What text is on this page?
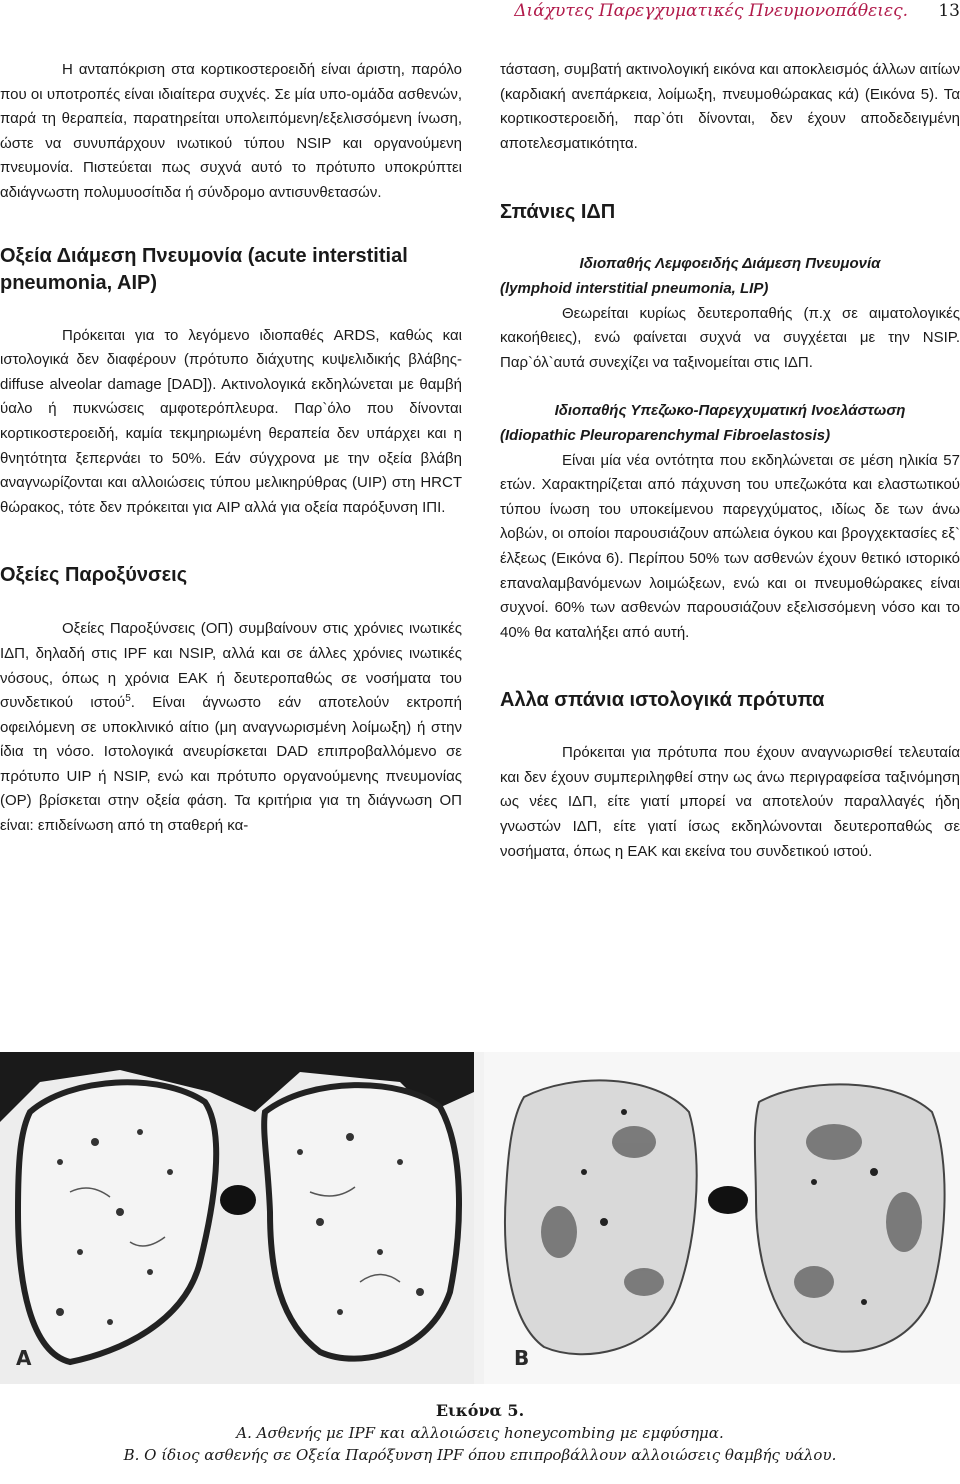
Διάχυτες Παρεγχυματικές Πνευμονοπάθειες.	13

Η ανταπόκριση στα κορτικοστεροειδή είναι άριστη, παρόλο που οι υποτροπές είναι ιδιαίτερα συχνές. Σε μία υπο-ομάδα ασθενών, παρά τη θεραπεία, παρατηρείται υπολειπόμενη/εξελισσόμενη ίνωση, ώστε να συνυπάρχουν ινωτικού τύπου NSIP και οργανούμενη πνευμονία. Πιστεύεται πως συχνά αυτό το πρότυπο υποκρύπτει αδιάγνωστη πολυμυοσίτιδα ή σύνδρομο αντισυνθετασών.

Οξεία Διάμεση Πνευμονία (acute interstitial pneumonia, AIP)

Πρόκειται για το λεγόμενο ιδιοπαθές ARDS, καθώς και ιστολογικά δεν διαφέρουν (πρότυπο διάχυτης κυψελιδικής βλάβης-diffuse alveolar damage [DAD]). Ακτινολογικά εκδηλώνεται με θαμβή ύαλο ή πυκνώσεις αμφοτερόπλευρα. Παρ`όλο που δίνονται κορτικοστεροειδή, καμία τεκμηριωμένη θεραπεία δεν υπάρχει και η θνητότητα ξεπερνάει το 50%. Εάν σύγχρονα με την οξεία βλάβη αναγνωρίζονται και αλλοιώσεις τύπου μελικηρύθρας (UIP) στη HRCT θώρακος, τότε δεν πρόκειται για AIP αλλά για οξεία παρόξυνση ΙΠΙ.

Οξείες Παροξύνσεις

Οξείες Παροξύνσεις (ΟΠ) συμβαίνουν στις χρόνιες ινωτικές ΙΔΠ, δηλαδή στις IPF και NSIP, αλλά και σε άλλες χρόνιες ινωτικές νόσους, όπως η χρόνια ΕΑΚ ή δευτεροπαθώς σε νοσήματα του συνδετικού ιστού$^5$. Είναι άγνωστο εάν αποτελούν εκτροπή οφειλόμενη σε υποκλινικό αίτιο (μη αναγνωρισμένη λοίμωξη) ή στην ίδια τη νόσο. Ιστολογικά ανευρίσκεται DAD επιπροβαλλόμενο σε πρότυπο UIP ή NSIP, ενώ και πρότυπο οργανούμενης πνευμονίας (OP) βρίσκεται στην οξεία φάση. Τα κριτήρια για τη διάγνωση ΟΠ είναι: επιδείνωση από τη σταθερή κα-

τάσταση, συμβατή ακτινολογική εικόνα και αποκλεισμός άλλων αιτίων (καρδιακή ανεπάρκεια, λοίμωξη, πνευμοθώρακας κά) (Εικόνα 5). Τα κορτικοστεροειδή, παρ`ότι δίνονται, δεν έχουν αποδεδειγμένη αποτελεσματικότητα.

Σπάνιες ΙΔΠ
Ιδιοπαθής Λεμφοειδής Διάμεση Πνευμονία
(lymphoid interstitial pneumonia, LIP)

Θεωρείται κυρίως δευτεροπαθής (π.χ σε αιματολογικές κακοήθειες), ενώ φαίνεται συχνά να συγχέεται με την NSIP. Παρ`όλ`αυτά συνεχίζει να ταξινομείται στις ΙΔΠ.

Ιδιοπαθής Υπεζωκο-Παρεγχυματική Ινοελάστωση
(Idiopathic Pleuroparenchymal Fibroelastosis)

Είναι μία νέα οντότητα που εκδηλώνεται σε μέση ηλικία 57 ετών. Χαρακτηρίζεται από πάχυνση του υπεζωκότα και ελαστωτικού τύπου ίνωση του υποκείμενου παρεγχύματος, ιδίως δε των άνω λοβών, οι οποίοι παρουσιάζουν απώλεια όγκου και βρογχεκτασίες εξ` έλξεως (Εικόνα 6). Περίπου 50% των ασθενών έχουν θετικό ιστορικό επαναλαμβανόμενων λοιμώξεων, ενώ και οι πνευμοθώρακες είναι συχνοί. 60% των ασθενών παρουσιάζουν εξελισσόμενη νόσο και το 40% θα καταλήξει από αυτή.

Αλλα σπάνια ιστολογικά πρότυπα

Πρόκειται για πρότυπα που έχουν αναγνωρισθεί τελευταία και δεν έχουν συμπεριληφθεί στην ως άνω περιγραφείσα ταξινόμηση ως νέες ΙΔΠ, είτε γιατί μπορεί να αποτελούν παραλλαγές ήδη γνωστών ΙΔΠ, είτε γιατί ίσως εκδηλώνονται δευτεροπαθώς σε νοσήματα, όπως η ΕΑΚ και εκείνα του συνδετικού ιστού.

A	B
Εικόνα 5.
Α. Ασθενής με IPF και αλλοιώσεις honeycombing με εμφύσημα.
Β. Ο ίδιος ασθενής σε Οξεία Παρόξυνση IPF όπου επιπροβάλλουν αλλοιώσεις θαμβής υάλου.
